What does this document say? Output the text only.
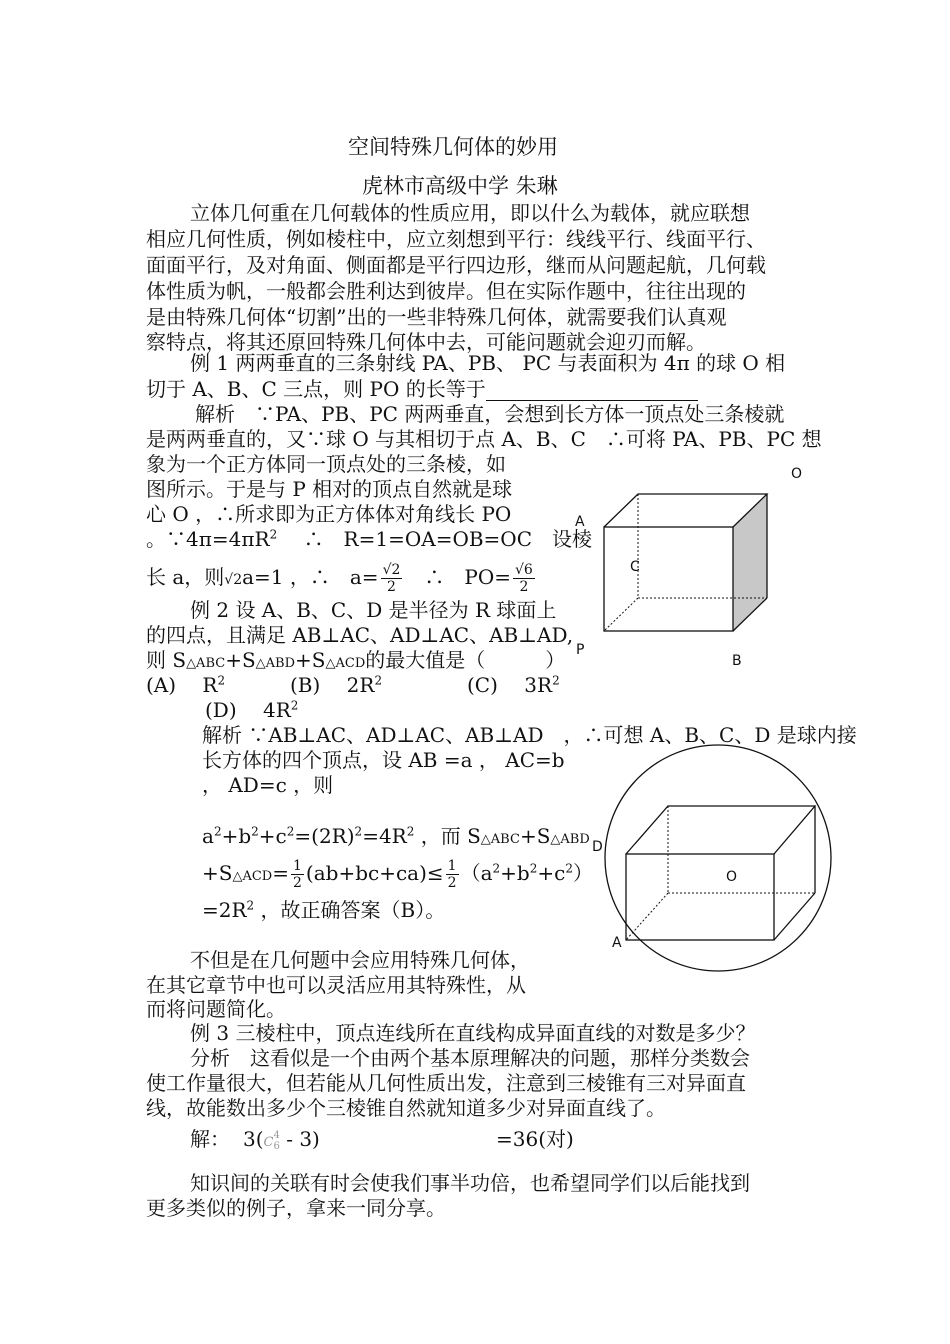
空间特殊几何体的妙用
虎林市高级中学 朱琳
立体几何重在几何载体的性质应用，即以什么为载体，就应联想
相应几何性质，例如棱柱中，应立刻想到平行：线线平行、线面平行、
面面平行，及对角面、侧面都是平行四边形，继而从问题起航，几何载
体性质为帆，一般都会胜利达到彼岸。但在实际作题中，往往出现的
是由特殊几何体“切割”出的一些非特殊几何体，就需要我们认真观
察特点，将其还原回特殊几何体中去，可能问题就会迎刃而解。
例 1 两两垂直的三条射线 PA、PB、 PC 与表面积为 4π 的球 O 相
切于 A、B、C 三点，则 PO 的长等于
解析　∵PA、PB、PC 两两垂直，会想到长方体一顶点处三条棱就
是两两垂直的，又∵球 O 与其相切于点 A、B、C　∴可将 PA、PB、PC 想
象为一个正方体同一顶点处的三条棱，如
图所示。于是与 P 相对的顶点自然就是球
心 O ，∴所求即为正方体体对角线长 PO
。$\because 4\pi=4\pi R^2$　 ∴　R=1=OA=OB=OC　设棱
长 a，则√2a=1 ，∴　$a= \frac{√2}{2}$
　 ∴　$PO= \frac{√6}{2}$
O
A
C
P
B
例 2 设 A、B、C、D 是半径为 R 球面上
的四点，且满足 AB⊥AC、AD⊥AC、AB⊥AD,
则 S△ABC+S△ABD+S△ACD的最大值是（　　　）
(A)　 $R^2$	(B)　 $2R^2$	(C)　 $3R^2$
(D)　 $4R^2$
解析 ∵AB⊥AC、AD⊥AC、AB⊥AD　，∴可想 A、B、C、D 是球内接
长方体的四个顶点，设 AB =a ， AC=b
， AD=c ，则
$a^2+b^2+c^2=(2R)^2=4R^2$ ，而 S△ABC+S△ABD
+S△ACD= $\frac{1}{2} (ab+bc+ca)\le \frac{1}{2} (a^2+b^2+c^2)$
$=2R^2$ ，故正确答案（B）。
D
O
A
不但是在几何题中会应用特殊几何体，
在其它章节中也可以灵活应用其特殊性，从
而将问题简化。
例 3 三棱柱中，顶点连线所在直线构成异面直线的对数是多少？
分析　这看似是一个由两个基本原理解决的问题，那样分类数会
使工作量很大，但若能从几何性质出发，注意到三棱锥有三对异面直
线，故能数出多少个三棱锥自然就知道多少对异面直线了。
解： 3(C 4
6 - 3)	=36(对)
知识间的关联有时会使我们事半功倍，也希望同学们以后能找到
更多类似的例子，拿来一同分享。
